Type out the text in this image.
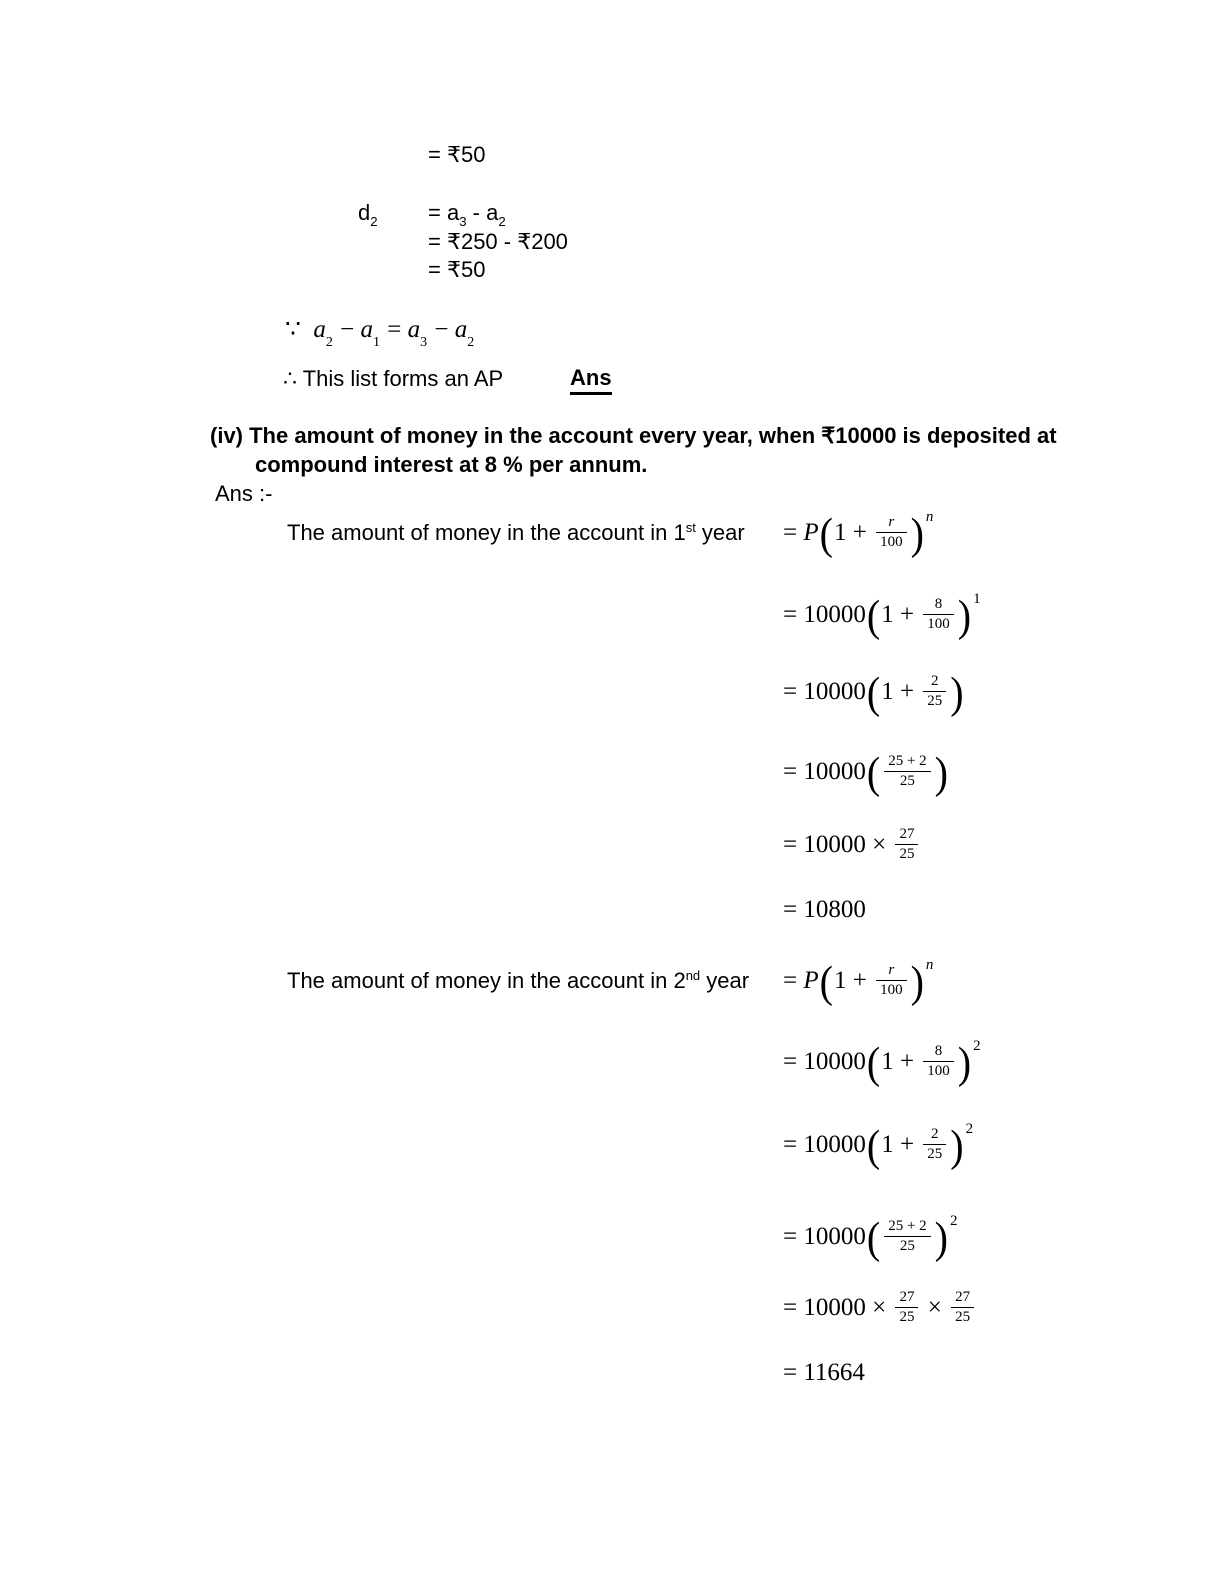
= ₹50
$d_2 = a_3 - a_2$
= ₹250 - ₹200
= ₹50
∵  $a_2 - a_1 = a_3 - a_2$
∴ This list forms an AP	Ans
(iv) The amount of money in the account every year, when ₹10000 is deposited at
compound interest at 8 % per annum.
Ans :-
The amount of money in the account in 1st year = $P(1 + \frac{r}{100}$ ) n
= $10000(1 + \frac{8}{100}$ ) 1
= $10000(1 + \frac{2}{25}$ )
= $10000( \frac{25 + 2}{25}$ )
= $10000 \times \frac{27}{25}$
= 10800
The amount of money in the account in 2nd year = $P(1 + \frac{r}{100}$ ) n
= $10000(1 + \frac{8}{100}$ ) 2
= $10000(1 + \frac{2}{25}$ ) 2
= $10000( \frac{25 + 2}{25}$ ) 2
= $10000 \times \frac{27}{25} \times \frac{27}{25}$
= 11664
